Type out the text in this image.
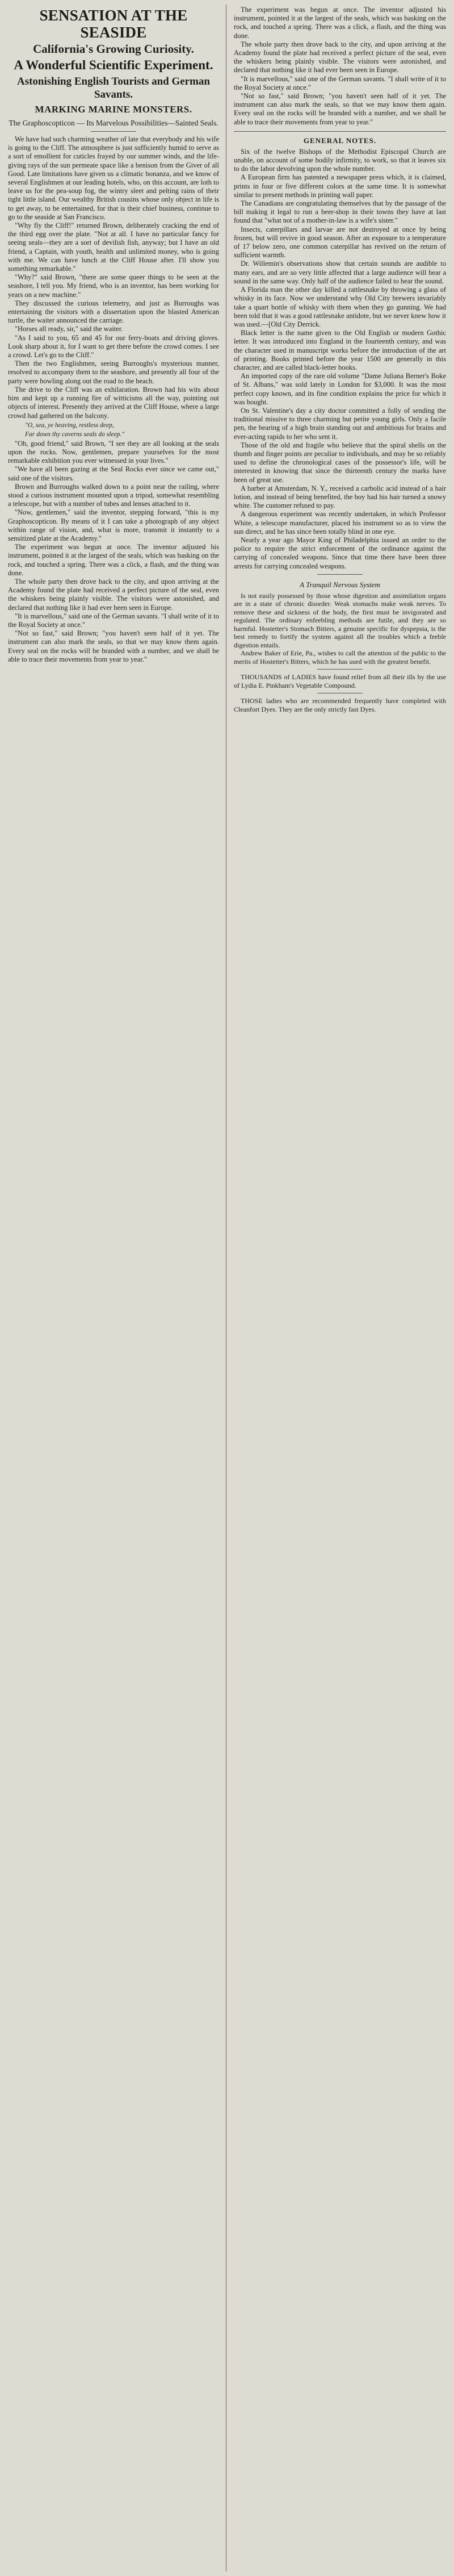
SENSATION AT THE SEASIDE
California's Growing Curiosity.
A Wonderful Scientific Experiment.
Astonishing English Tourists and German Savants.
MARKING MARINE MONSTERS.
The Graphoscopticon — Its Marvelous Possibilities—Sainted Seals.

We have had such charming weather of late that everybody and his wife is going to the Cliff. The atmosphere is just sufficiently humid to serve as a sort of emollient for cuticles frayed by our summer winds, and the life-giving rays of the sun permeate space like a benison from the Giver of all Good. Late limitations have given us a climatic bonanza, and we know of several Englishmen at our leading hotels, who, on this account, are loth to leave us for the pea-soup fog, the wintry sleet and pelting rains of their tight little island. Our wealthy British cousins whose only object in life is to get away, to be entertained, for that is their chief business, continue to go to the seaside at San Francisco.

"Why fly the Cliff!" returned Brown, deliberately cracking the end of the third egg over the plate. "Not at all. I have no particular fancy for seeing seals—they are a sort of devilish fish, anyway; but I have an old friend, a Captain, with youth, health and unlimited money, who is going with me. We can have lunch at the Cliff House after. I'll show you something remarkable."

"Why?" said Brown, "there are some queer things to be seen at the seashore, I tell you. My friend, who is an inventor, has been working for years on a new machine."

They discussed the curious telemetry, and just as Burroughs was entertaining the visitors with a dissertation upon the blasted American turtle, the waiter announced the carriage.

"Horses all ready, sir," said the waiter.

"As I said to you, 65 and 45 for our ferry-boats and driving gloves. Look sharp about it, for I want to get there before the crowd comes. I see a crowd. Let's go to the Cliff."

Then the two Englishmen, seeing Burroughs's mysterious manner, resolved to accompany them to the seashore, and presently all four of the party were bowling along out the road to the beach.

The drive to the Cliff was an exhilaration. Brown had his wits about him and kept up a running fire of witticisms all the way, pointing out objects of interest. Presently they arrived at the Cliff House, where a large crowd had gathered on the balcony.

"O, sea, ye heaving, restless deep,
Far down thy caverns seals do sleep."

"Oh, good friend," said Brown, "I see they are all looking at the seals upon the rocks. Now, gentlemen, prepare yourselves for the most remarkable exhibition you ever witnessed in your lives."

"We have all been gazing at the Seal Rocks ever since we came out," said one of the visitors.

Brown and Burroughs walked down to a point near the railing, where stood a curious instrument mounted upon a tripod, somewhat resembling a telescope, but with a number of tubes and lenses attached to it.

"Now, gentlemen," said the inventor, stepping forward, "this is my Graphoscopticon. By means of it I can take a photograph of any object within range of vision, and, what is more, transmit it instantly to a sensitized plate at the Academy."

The experiment was begun at once. The inventor adjusted his instrument, pointed it at the largest of the seals, which was basking on the rock, and touched a spring. There was a click, a flash, and the thing was done.

The whole party then drove back to the city, and upon arriving at the Academy found the plate had received a perfect picture of the seal, even the whiskers being plainly visible. The visitors were astonished, and declared that nothing like it had ever been seen in Europe.

"It is marvellous," said one of the German savants. "I shall write of it to the Royal Society at once."

"Not so fast," said Brown; "you haven't seen half of it yet. The instrument can also mark the seals, so that we may know them again. Every seal on the rocks will be branded with a number, and we shall be able to trace their movements from year to year."

The experiment was begun at once. The inventor adjusted his instrument, pointed it at the largest of the seals, which was basking on the rock, and touched a spring. There was a click, a flash, and the thing was done.

The whole party then drove back to the city, and upon arriving at the Academy found the plate had received a perfect picture of the seal, even the whiskers being plainly visible. The visitors were astonished, and declared that nothing like it had ever been seen in Europe.

"It is marvellous," said one of the German savants. "I shall write of it to the Royal Society at once."

"Not so fast," said Brown; "you haven't seen half of it yet. The instrument can also mark the seals, so that we may know them again. Every seal on the rocks will be branded with a number, and we shall be able to trace their movements from year to year."

GENERAL NOTES.

Six of the twelve Bishops of the Methodist Episcopal Church are unable, on account of some bodily infirmity, to work, so that it leaves six to do the labor devolving upon the whole number.

A European firm has patented a newspaper press which, it is claimed, prints in four or five different colors at the same time. It is somewhat similar to present methods in printing wall paper.

The Canadians are congratulating themselves that by the passage of the bill making it legal to run a beer-shop in their towns they have at last found that "what not of a mother-in-law is a wife's sister."

Insects, caterpillars and larvae are not destroyed at once by being frozen, but will revive in good season. After an exposure to a temperature of 17 below zero, one common caterpillar has revived on the return of sufficient warmth.

Dr. Willemin's observations show that certain sounds are audible to many ears, and are so very little affected that a large audience will hear a sound in the same way. Only half of the audience failed to hear the sound.

A Florida man the other day killed a rattlesnake by throwing a glass of whisky in its face. Now we understand why Old City brewers invariably take a quart bottle of whisky with them when they go gunning. We had been told that it was a good rattlesnake antidote, but we never knew how it was used.—[Old City Derrick.

Black letter is the name given to the Old English or modern Gothic letter. It was introduced into England in the fourteenth century, and was the character used in manuscript works before the introduction of the art of printing. Books printed before the year 1500 are generally in this character, and are called black-letter books.

An imported copy of the rare old volume "Dame Juliana Berner's Boke of St. Albans," was sold lately in London for $3,000. It was the most perfect copy known, and its fine condition explains the price for which it was bought.

On St. Valentine's day a city doctor committed a folly of sending the traditional missive to three charming but petite young girls. Only a facile pen, the bearing of a high brain standing out and ambitious for brains and ever-acting rapids to her who sent it.

Those of the old and fragile who believe that the spiral shells on the thumb and finger points are peculiar to individuals, and may be so reliably used to define the chronological cases of the possessor's life, will be interested in knowing that since the thirteenth century the marks have been of great use.

A barber at Amsterdam, N. Y., received a carbolic acid instead of a hair lotion, and instead of being benefited, the boy had his hair turned a snowy white. The customer refused to pay.

A dangerous experiment was recently undertaken, in which Professor White, a telescope manufacturer, placed his instrument so as to view the sun direct, and he has since been totally blind in one eye.

Nearly a year ago Mayor King of Philadelphia issued an order to the police to require the strict enforcement of the ordinance against the carrying of concealed weapons. Since that time there have been three arrests for carrying concealed weapons.

A Tranquil Nervous System

Is not easily possessed by those whose digestion and assimilation organs are in a state of chronic disorder. Weak stomachs make weak nerves. To remove these and sickness of the body, the first must be invigorated and regulated. The ordinary enfeebling methods are futile, and they are so harmful. Hostetter's Stomach Bitters, a genuine specific for dyspepsia, is the best remedy to fortify the system against all the troubles which a feeble digestion entails.

Andrew Baker of Erie, Pa., wishes to call the attention of the public to the merits of Hostetter's Bitters, which he has used with the greatest benefit.

THOUSANDS of LADIES have found relief from all their ills by the use of Lydia E. Pinkham's Vegetable Compound.

THOSE ladies who are recommended frequently have completed with Cleanfort Dyes. They are the only strictly fast Dyes.
